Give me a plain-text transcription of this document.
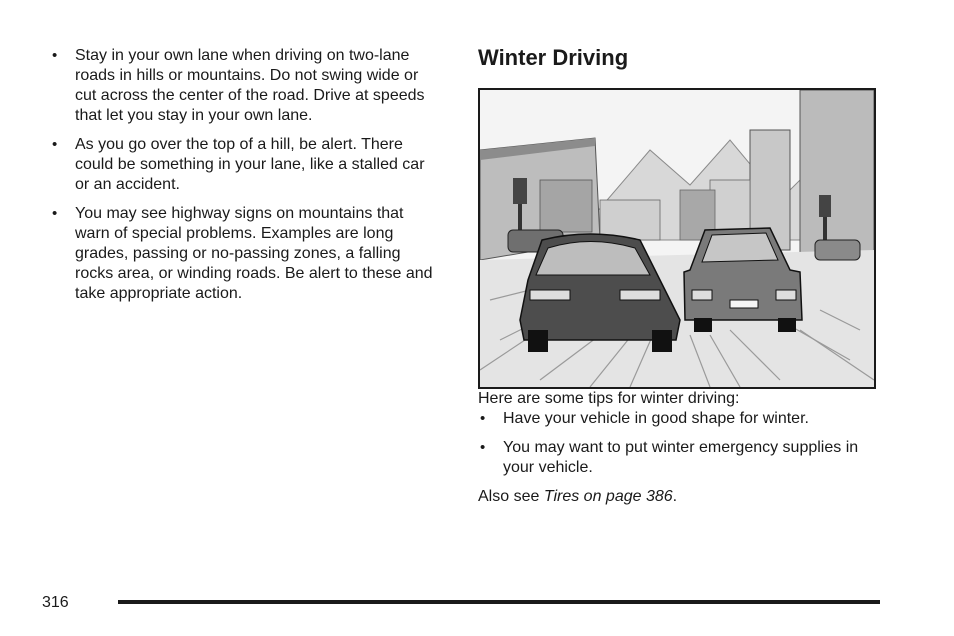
• Stay in your own lane when driving on two-lane roads in hills or mountains. Do not swing wide or cut across the center of the road. Drive at speeds that let you stay in your own lane.
• As you go over the top of a hill, be alert. There could be something in your lane, like a stalled car or an accident.
• You may see highway signs on mountains that warn of special problems. Examples are long grades, passing or no-passing zones, a falling rocks area, or winding roads. Be alert to these and take appropriate action.
Winter Driving

Here are some tips for winter driving:

• Have your vehicle in good shape for winter.
• You may want to put winter emergency supplies in your vehicle.

Also see Tires on page 386.

316
